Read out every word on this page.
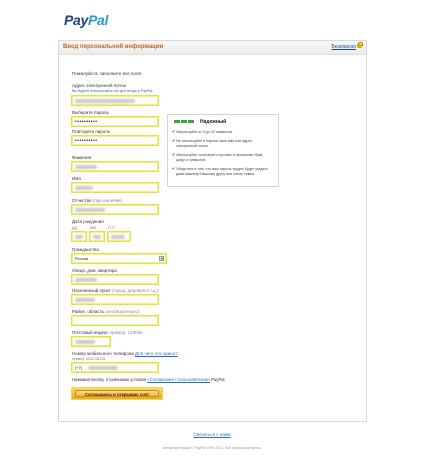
PayPal
Ввод персональной информации	Безопасно
Пожалуйста, заполните все поля.
Адрес электронной почты
Вы будете использовать его для входа в PayPal.
Выберите пароль
••••••••••
Повторите пароль
••••••••••
Фамилия
Имя
Отчество (при наличии)
Дата рождения
ДД	ММ	ГГГГ
Гражданство
Россия
Улица, дом, квартира
Населенный пункт (город, деревня и т.д.)
Район, область (необязательно)
Почтовый индекс пример: 123065
Номер мобильного телефона Для чего это нужно?
пример: 9031231231
(+7)
Нажимая кнопку, я принимаю условия «Соглашения с пользователем» PayPal.
Соглашаюсь и открываю счет
Надежный
✔ Используйте от 8 до 20 символов.
✔ Не используйте в пароле свое имя или адрес электронной почты.
✔ Используйте сочетание строчных и прописных букв, цифр и символов.
✔ Убедитесь в том, что ваш пароль трудно будет угадать даже вашему близкому другу или члену семьи.
Связаться с нами
Авторские права © PayPal 1999-2013. Все права защищены.
